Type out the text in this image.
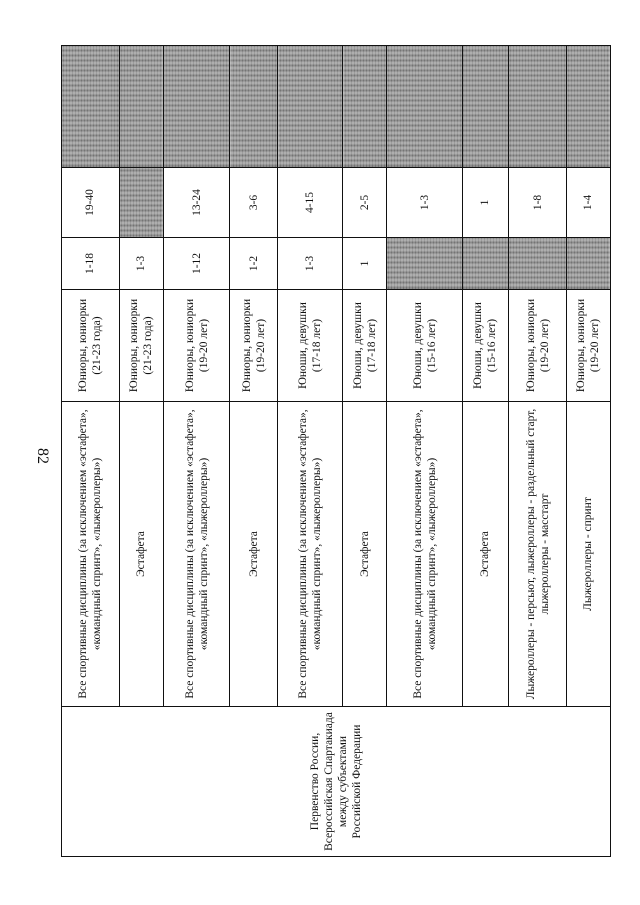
82
Первенство России, Всероссийская Спартакиада между субъектами Российской Федерации	Все спортивные дисциплины (за исключением «эстафета», «командный спринт», «лыжероллеры»)	Юниоры, юниорки (21-23 года)	1-18	19-40	
	Эстафета	Юниоры, юниорки (21-23 года)	1-3		
	Все спортивные дисциплины (за исключением «эстафета», «командный спринт», «лыжероллеры»)	Юниоры, юниорки (19-20 лет)	1-12	13-24	
	Эстафета	Юниоры, юниорки (19-20 лет)	1-2	3-6	
	Все спортивные дисциплины (за исключением «эстафета», «командный спринт», «лыжероллеры»)	Юноши, девушки (17-18 лет)	1-3	4-15	
	Эстафета	Юноши, девушки (17-18 лет)	1	2-5	
	Все спортивные дисциплины (за исключением «эстафета», «командный спринт», «лыжероллеры»)	Юноши, девушки (15-16 лет)		1-3	
	Эстафета	Юноши, девушки (15-16 лет)		1	
	Лыжероллеры - персьют, лыжероллеры - раздельный старт, лыжероллеры - масстарт	Юниоры, юниорки (19-20 лет)		1-8	
	Лыжероллеры - спринт	Юниоры, юниорки (19-20 лет)		1-4	
